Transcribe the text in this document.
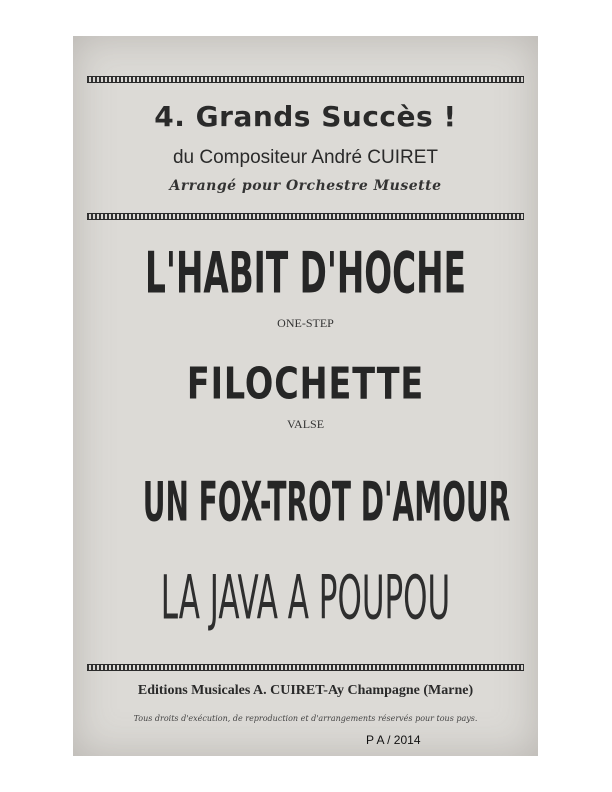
4. Grands Succès !
du Compositeur André CUIRET
Arrangé pour Orchestre Musette
L'HABIT D'HOCHE
ONE-STEP
FILOCHETTE
VALSE
UN FOX-TROT D'AMOUR
LA JAVA A POUPOU
Editions Musicales A. CUIRET-Ay Champagne (Marne)
Tous droits d'exécution, de reproduction et d'arrangements réservés pour tous pays.
P A / 2014
